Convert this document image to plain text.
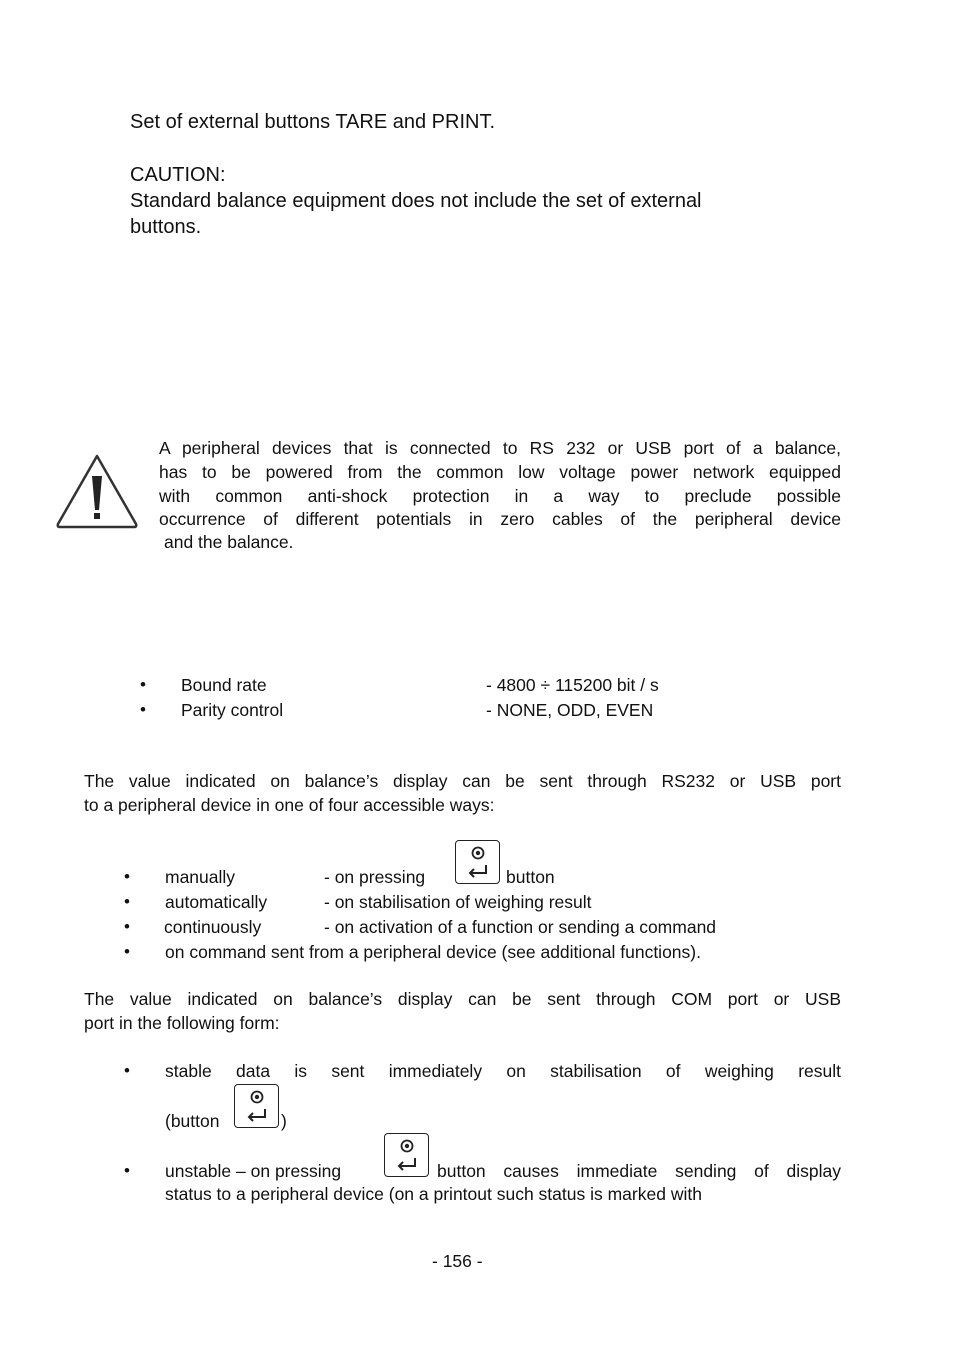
Set of external buttons TARE and PRINT.
CAUTION:
Standard balance equipment does not include the set of external
buttons.
A peripheral devices that is connected to RS 232 or USB port of a balance,
has to be powered from the common low voltage power network equipped
with common anti-shock protection in a way to preclude possible
occurrence of different potentials in zero cables of the peripheral device
and the balance.
• Bound rate	- 4800 ÷ 115200 bit / s
• Parity control	- NONE, ODD, EVEN
The value indicated on balance’s display can be sent through RS232 or USB port
to a peripheral device in one of four accessible ways:
• manually	- on pressing	button
• automatically	- on stabilisation of weighing result
• continuously	- on activation of a function or sending a command
• on command sent from a peripheral device (see additional functions).
The value indicated on balance’s display can be sent through COM port or USB
port in the following form:
• stable data is sent immediately on stabilisation of weighing result
(button	)
• unstable – on pressing	button causes immediate sending of display
status to a peripheral device (on a printout such status is marked with
- 156 -
